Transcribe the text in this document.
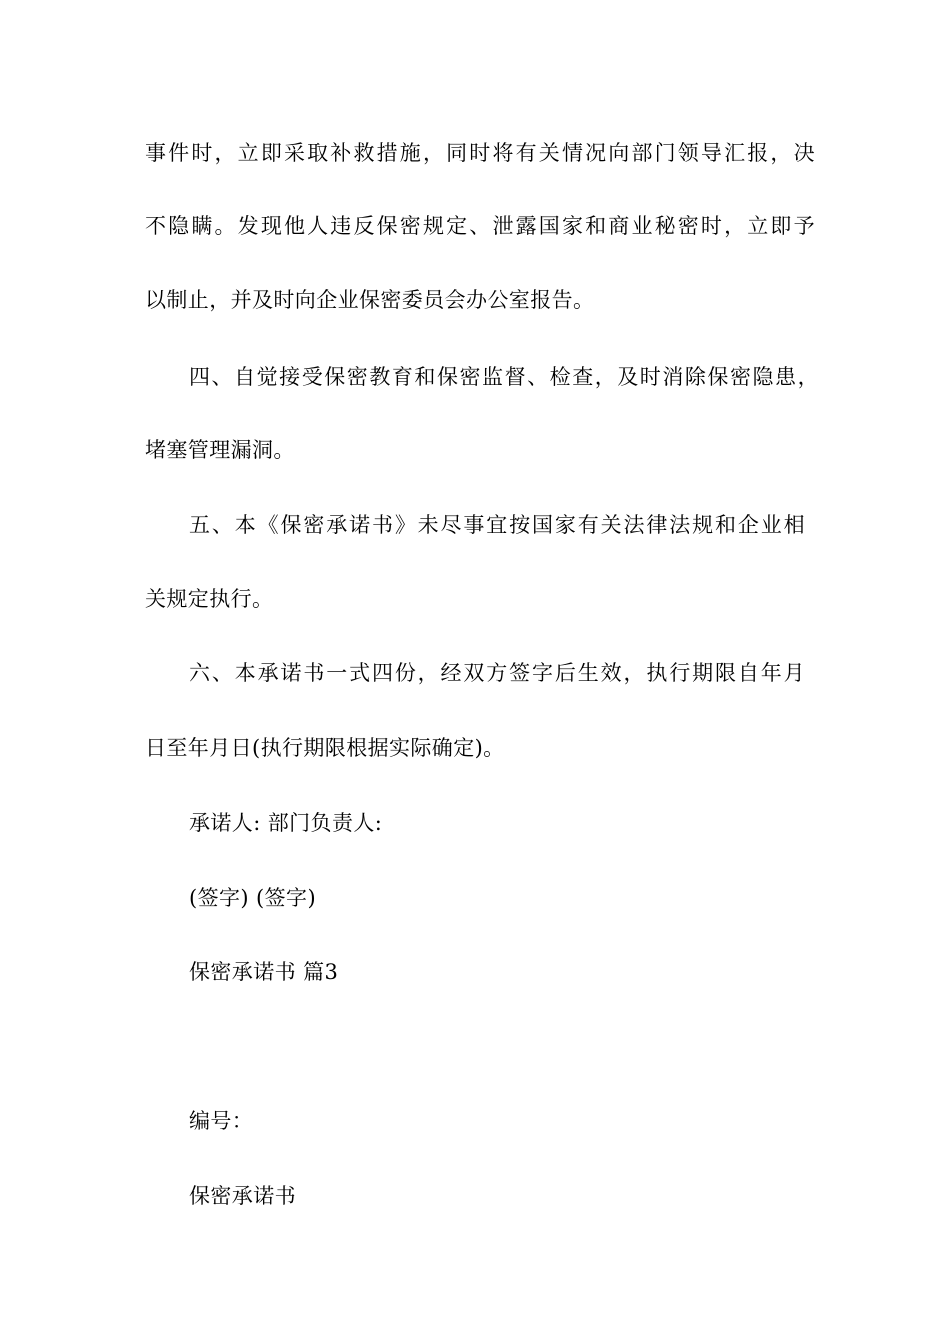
事件时，立即采取补救措施，同时将有关情况向部门领导汇报，决
不隐瞒。发现他人违反保密规定、泄露国家和商业秘密时，立即予
以制止，并及时向企业保密委员会办公室报告。
四、自觉接受保密教育和保密监督、检查，及时消除保密隐患，
堵塞管理漏洞。
五、本《保密承诺书》未尽事宜按国家有关法律法规和企业相
关规定执行。
六、本承诺书一式四份，经双方签字后生效，执行期限自年月
日至年月日(执行期限根据实际确定)。
承诺人: 部门负责人:
(签字) (签字)
保密承诺书 篇3
编号：
保密承诺书
